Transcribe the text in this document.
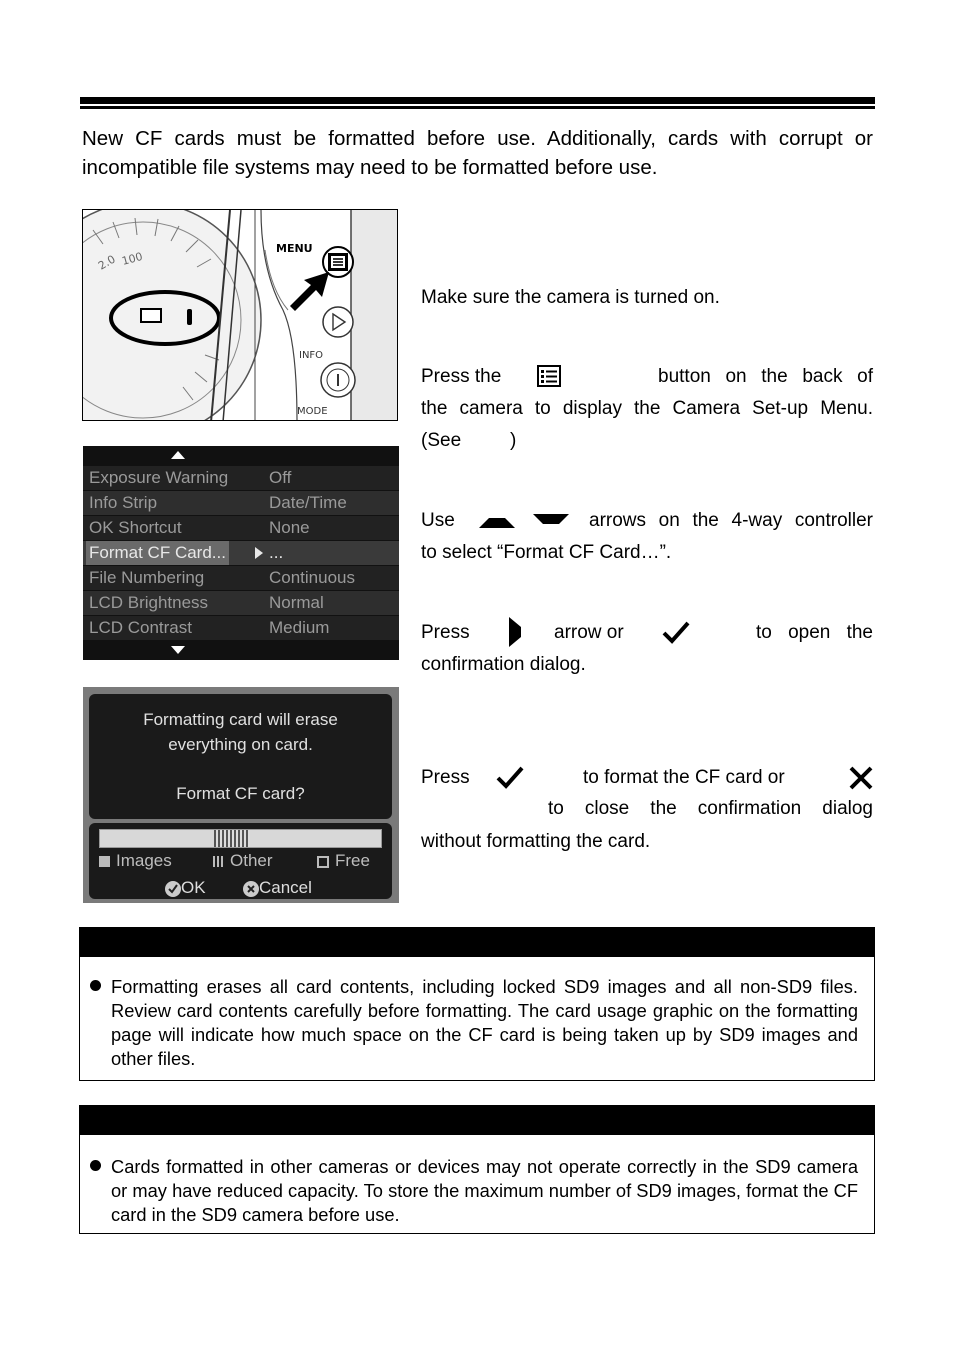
New CF cards must be formatted before use. Additionally, cards with corrupt or incompatible file systems may need to be formatted before use.
2.0 100
MENU
INFO
MODE
Exposure Warning Off
Info Strip	Date/Time
OK Shortcut	None
Format CF Card...	...
File Numbering	Continuous
LCD Brightness	Normal
LCD Contrast	Medium
Formatting card will erase
everything on card.
Format CF card?
Images	Other	Free
OK	Cancel
Make sure the camera is turned on.
Press the	button on the back of
the camera to display the Camera Set-up Menu.
(See	)
Use	arrows on the 4-way controller
to select “Format CF Card…”.
Press	arrow or	to open the
confirmation dialog.
Press	to format the CF card or
to close the confirmation dialog
without formatting the card.
Formatting erases all card contents, including locked SD9 images and all non-SD9 files. Review card contents carefully before formatting. The card usage graphic on the formatting page will indicate how much space on the CF card is being taken up by SD9 images and other files.
Cards formatted in other cameras or devices may not operate correctly in the SD9 camera or may have reduced capacity. To store the maximum number of SD9 images, format the CF card in the SD9 camera before use.
